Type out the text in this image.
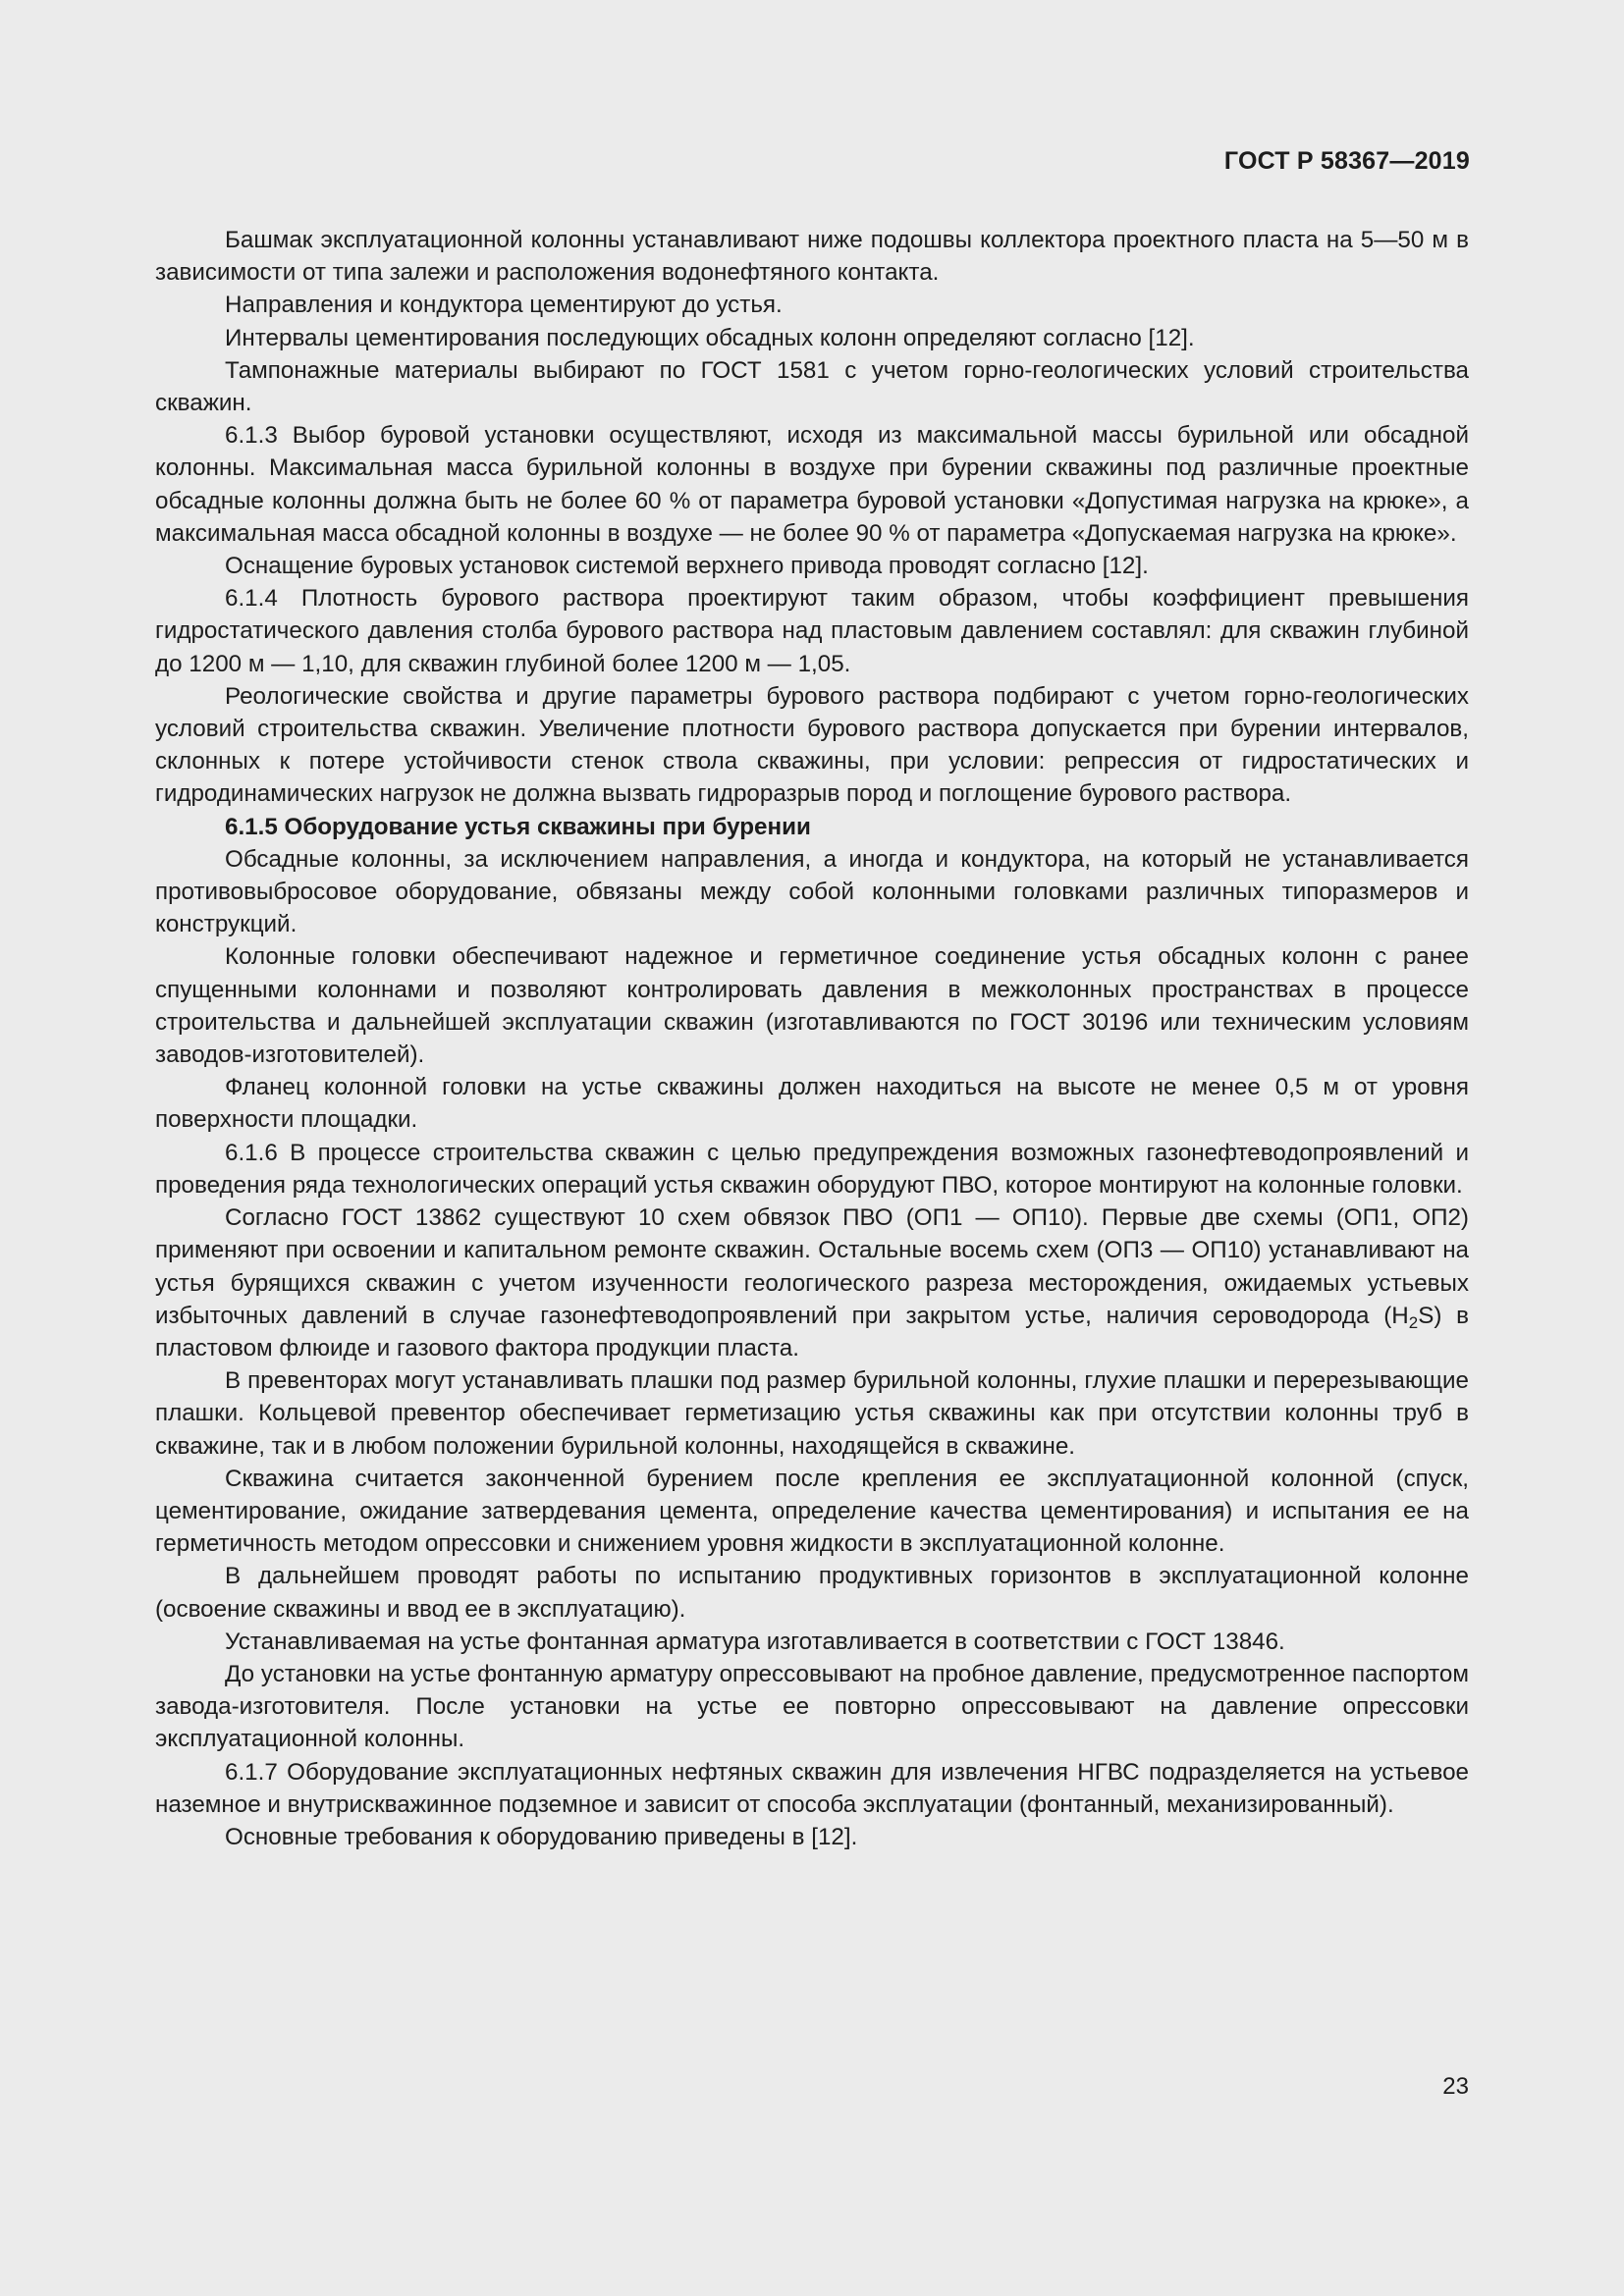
ГОСТ Р 58367—2019

Башмак эксплуатационной колонны устанавливают ниже подошвы коллектора проектного пласта на 5—50 м в зависимости от типа залежи и расположения водонефтяного контакта.

Направления и кондуктора цементируют до устья.

Интервалы цементирования последующих обсадных колонн определяют согласно [12].

Тампонажные материалы выбирают по ГОСТ 1581 с учетом горно-геологических условий строительства скважин.

6.1.3 Выбор буровой установки осуществляют, исходя из максимальной массы бурильной или обсадной колонны. Максимальная масса бурильной колонны в воздухе при бурении скважины под различные проектные обсадные колонны должна быть не более 60 % от параметра буровой установки «Допустимая нагрузка на крюке», а максимальная масса обсадной колонны в воздухе — не более 90 % от параметра «Допускаемая нагрузка на крюке».

Оснащение буровых установок системой верхнего привода проводят согласно [12].

6.1.4 Плотность бурового раствора проектируют таким образом, чтобы коэффициент превышения гидростатического давления столба бурового раствора над пластовым давлением составлял: для скважин глубиной до 1200 м — 1,10, для скважин глубиной более 1200 м — 1,05.

Реологические свойства и другие параметры бурового раствора подбирают с учетом горно-геологических условий строительства скважин. Увеличение плотности бурового раствора допускается при бурении интервалов, склонных к потере устойчивости стенок ствола скважины, при условии: репрессия от гидростатических и гидродинамических нагрузок не должна вызвать гидроразрыв пород и поглощение бурового раствора.

6.1.5 Оборудование устья скважины при бурении

Обсадные колонны, за исключением направления, а иногда и кондуктора, на который не устанавливается противовыбросовое оборудование, обвязаны между собой колонными головками различных типоразмеров и конструкций.

Колонные головки обеспечивают надежное и герметичное соединение устья обсадных колонн с ранее спущенными колоннами и позволяют контролировать давления в межколонных пространствах в процессе строительства и дальнейшей эксплуатации скважин (изготавливаются по ГОСТ 30196 или техническим условиям заводов-изготовителей).

Фланец колонной головки на устье скважины должен находиться на высоте не менее 0,5 м от уровня поверхности площадки.

6.1.6 В процессе строительства скважин с целью предупреждения возможных газонефтеводопроявлений и проведения ряда технологических операций устья скважин оборудуют ПВО, которое монтируют на колонные головки.

Согласно ГОСТ 13862 существуют 10 схем обвязок ПВО (ОП1 — ОП10). Первые две схемы (ОП1, ОП2) применяют при освоении и капитальном ремонте скважин. Остальные восемь схем (ОП3 — ОП10) устанавливают на устья бурящихся скважин с учетом изученности геологического разреза месторождения, ожидаемых устьевых избыточных давлений в случае газонефтеводопроявлений при закрытом устье, наличия сероводорода $(H_2S)$ в пластовом флюиде и газового фактора продукции пласта.

В превенторах могут устанавливать плашки под размер бурильной колонны, глухие плашки и перерезывающие плашки. Кольцевой превентор обеспечивает герметизацию устья скважины как при отсутствии колонны труб в скважине, так и в любом положении бурильной колонны, находящейся в скважине.

Скважина считается законченной бурением после крепления ее эксплуатационной колонной (спуск, цементирование, ожидание затвердевания цемента, определение качества цементирования) и испытания ее на герметичность методом опрессовки и снижением уровня жидкости в эксплуатационной колонне.

В дальнейшем проводят работы по испытанию продуктивных горизонтов в эксплуатационной колонне (освоение скважины и ввод ее в эксплуатацию).

Устанавливаемая на устье фонтанная арматура изготавливается в соответствии с ГОСТ 13846.

До установки на устье фонтанную арматуру опрессовывают на пробное давление, предусмотренное паспортом завода-изготовителя. После установки на устье ее повторно опрессовывают на давление опрессовки эксплуатационной колонны.

6.1.7 Оборудование эксплуатационных нефтяных скважин для извлечения НГВС подразделяется на устьевое наземное и внутрискважинное подземное и зависит от способа эксплуатации (фонтанный, механизированный).

Основные требования к оборудованию приведены в [12].

23
